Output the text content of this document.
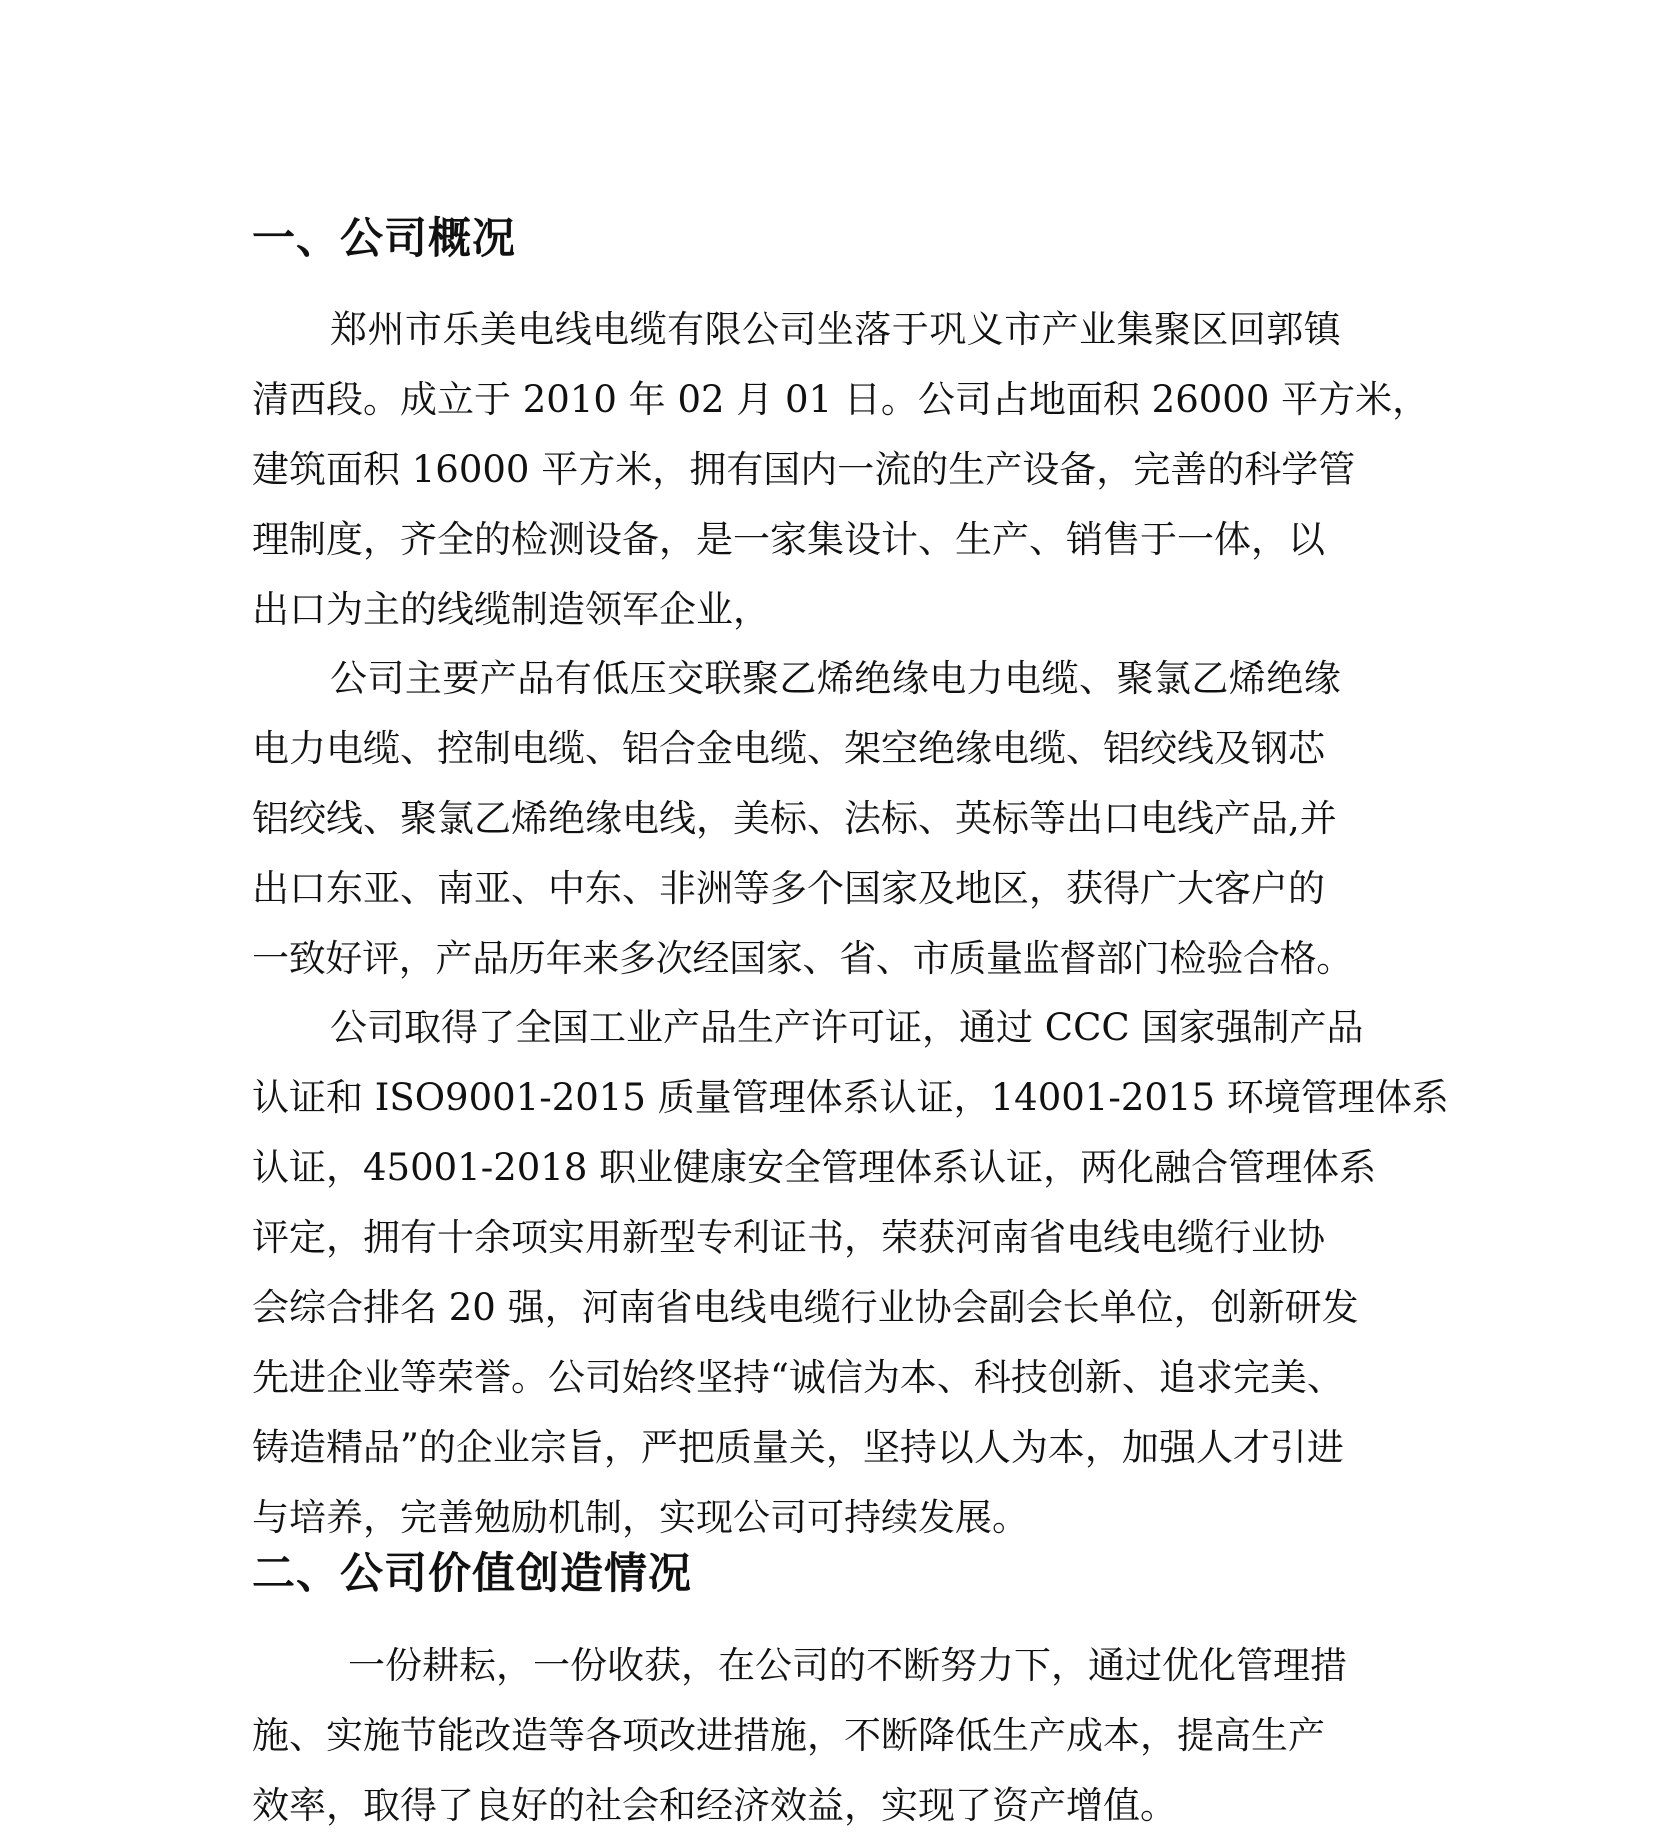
一、公司概况

郑州市乐美电线电缆有限公司坐落于巩义市产业集聚区回郭镇

清西段。成立于 2010 年 02 月 01 日。公司占地面积 26000 平方米，

建筑面积 16000 平方米，拥有国内一流的生产设备，完善的科学管

理制度，齐全的检测设备，是一家集设计、生产、销售于一体，以

出口为主的线缆制造领军企业，

公司主要产品有低压交联聚乙烯绝缘电力电缆、聚氯乙烯绝缘

电力电缆、控制电缆、铝合金电缆、架空绝缘电缆、铝绞线及钢芯

铝绞线、聚氯乙烯绝缘电线，美标、法标、英标等出口电线产品,并

出口东亚、南亚、中东、非洲等多个国家及地区，获得广大客户的

一致好评，产品历年来多次经国家、省、市质量监督部门检验合格。

公司取得了全国工业产品生产许可证，通过 CCC 国家强制产品

认证和 ISO9001-2015 质量管理体系认证，14001-2015 环境管理体系

认证，45001-2018 职业健康安全管理体系认证，两化融合管理体系

评定，拥有十余项实用新型专利证书，荣获河南省电线电缆行业协

会综合排名 20 强，河南省电线电缆行业协会副会长单位，创新研发

先进企业等荣誉。公司始终坚持“诚信为本、科技创新、追求完美、

铸造精品”的企业宗旨，严把质量关，坚持以人为本，加强人才引进

与培养，完善勉励机制，实现公司可持续发展。

二、公司价值创造情况

一份耕耘，一份收获，在公司的不断努力下，通过优化管理措

施、实施节能改造等各项改进措施，不断降低生产成本，提高生产

效率，取得了良好的社会和经济效益，实现了资产增值。
